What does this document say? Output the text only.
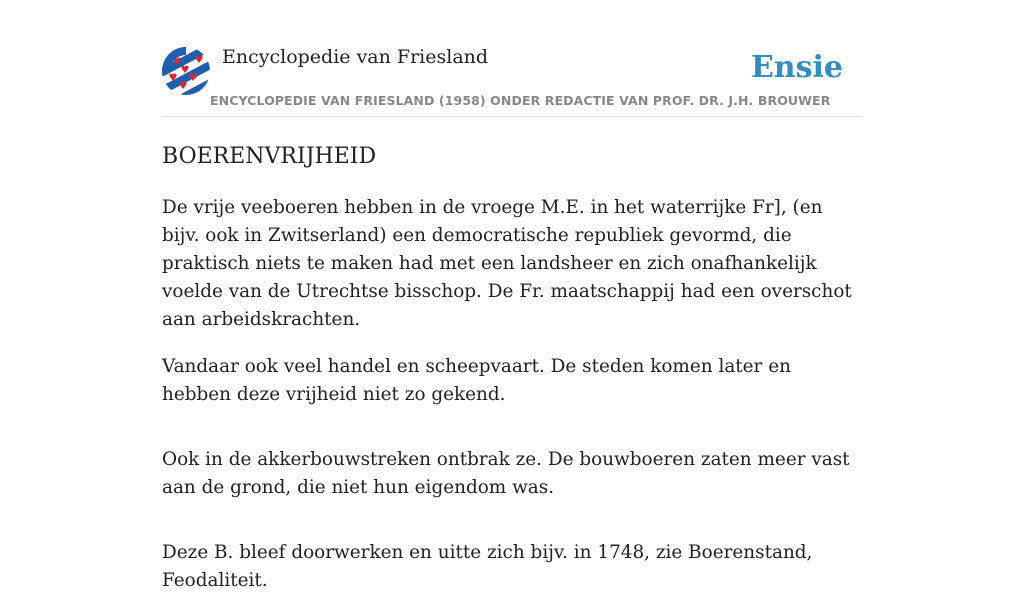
Encyclopedie van Friesland	Ensie
ENCYCLOPEDIE VAN FRIESLAND (1958) ONDER REDACTIE VAN PROF. DR. J.H. BROUWER
BOERENVRIJHEID

De vrije veeboeren hebben in de vroege M.E. in het waterrijke Fr], (en bijv. ook in Zwitserland) een democratische republiek gevormd, die praktisch niets te maken had met een landsheer en zich onafhankelijk voelde van de Utrechtse bisschop. De Fr. maatschappij had een overschot aan arbeidskrachten.

Vandaar ook veel handel en scheepvaart. De steden komen later en hebben deze vrijheid niet zo gekend.

Ook in de akkerbouwstreken ontbrak ze. De bouwboeren zaten meer vast aan de grond, die niet hun eigendom was.

Deze B. bleef doorwerken en uitte zich bijv. in 1748, zie Boerenstand, Feodaliteit.
